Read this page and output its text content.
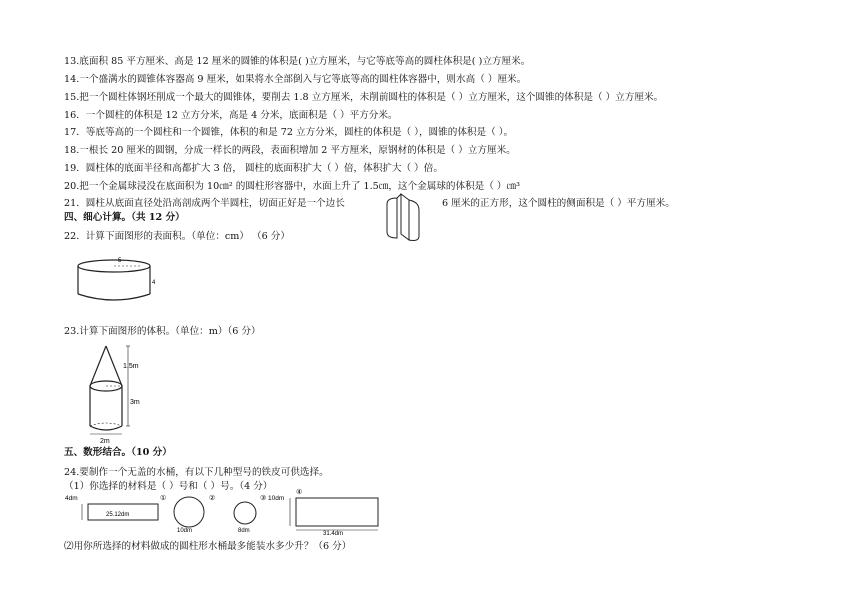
13.底面积 85 平方厘米、高是 12 厘米的圆锥的体积是( )立方厘米，与它等底等高的圆柱体积是( )立方厘米。
14.一个盛满水的圆锥体容器高 9 厘米，如果将水全部倒入与它等底等高的圆柱体容器中，则水高（ ）厘米。
15.把一个圆柱体钢坯削成一个最大的圆锥体，要削去 1.8 立方厘米，未削前圆柱的体积是（ ）立方厘米，这个圆锥的体积是（ ）立方厘米。
16．一个圆柱的体积是 12 立方分米，高是 4 分米，底面积是（ ）平方分米。
17．等底等高的一个圆柱和一个圆锥，体积的和是 72 立方分米，圆柱的体积是（ ），圆锥的体积是（ ）。
18.一根长 20 厘米的圆钢，分成一样长的两段，表面积增加 2 平方厘米，原钢材的体积是（ ）立方厘米。
19．圆柱体的底面半径和高都扩大 3 倍， 圆柱的底面积扩大（ ）倍，体积扩大（ ）倍。
20.把一个金属球浸没在底面积为 10㎝² 的圆柱形容器中，水面上升了 1.5㎝，这个金属球的体积是（ ）㎝³
21．圆柱从底面直径处沿高剖成两个半圆柱，切面正好是一个边长	6 厘米的正方形，这个圆柱的侧面积是（ ）平方厘米。
四、细心计算。（共 12 分）
22．计算下面图形的表面积。（单位：cm） （6 分）
5
4
23.计算下面图形的体积。（单位：m）（6 分）
1.5m
3m
2m
五、数形结合。（10 分）
24.要制作一个无盖的水桶，有以下几种型号的铁皮可供选择。
（1）你选择的材料是（ ）号和（ ）号。（4 分）
4dm
25.12dm
①
10dm
②
8dm
③ 10dm
31.4dm
④
⑵用你所选择的材料做成的圆柱形水桶最多能装水多少升？（6 分）
